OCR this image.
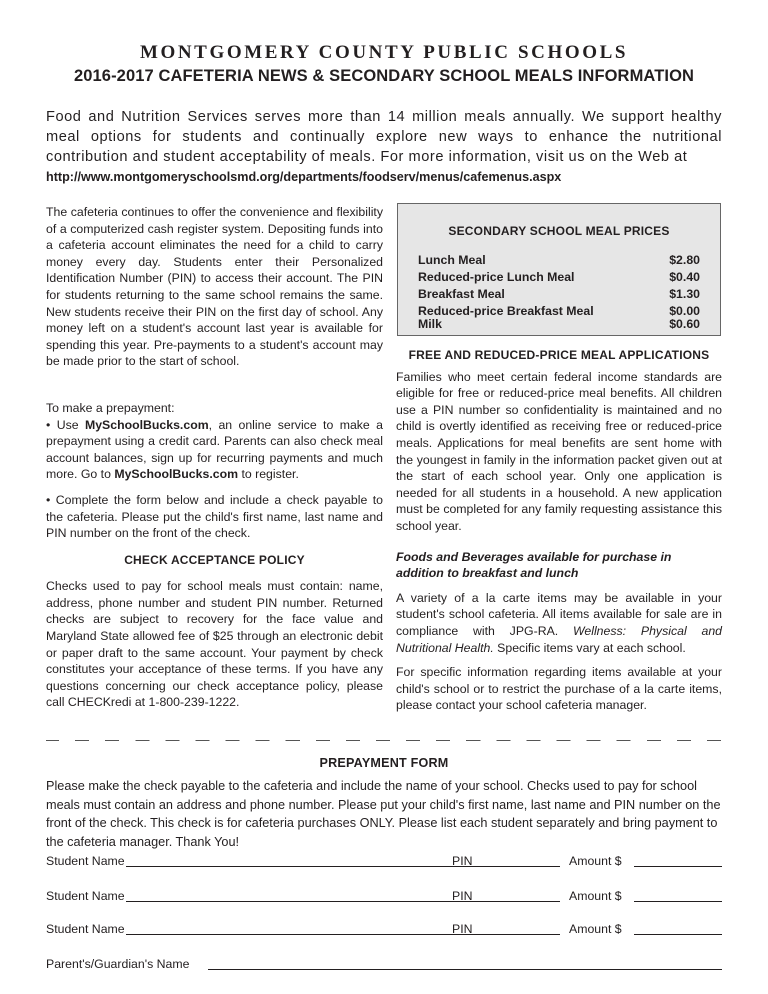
MONTGOMERY COUNTY PUBLIC SCHOOLS
2016-2017 CAFETERIA NEWS & SECONDARY SCHOOL MEALS INFORMATION
Food and Nutrition Services serves more than 14 million meals annually. We support healthy meal options for students and continually explore new ways to enhance the nutritional contribution and student acceptability of meals. For more information, visit us on the Web at
http://www.montgomeryschoolsmd.org/departments/foodserv/menus/cafemenus.aspx

The cafeteria continues to offer the convenience and flexibility of a computerized cash register system. Depositing funds into a cafeteria account eliminates the need for a child to carry money every day. Students enter their Personalized Identification Number (PIN) to access their account. The PIN for students returning to the same school remains the same. New students receive their PIN on the first day of school. Any money left on a student's account last year is available for spending this year. Pre-payments to a student's account may be made prior to the start of school.

To make a prepayment:

• Use MySchoolBucks.com, an online service to make a prepayment using a credit card. Parents can also check meal account balances, sign up for recurring payments and much more. Go to MySchoolBucks.com to register.

• Complete the form below and include a check payable to the cafeteria. Please put the child's first name, last name and PIN number on the front of the check.

CHECK ACCEPTANCE POLICY

Checks used to pay for school meals must contain: name, address, phone number and student PIN number. Returned checks are subject to recovery for the face value and Maryland State allowed fee of $25 through an electronic debit or paper draft to the same account. Your payment by check constitutes your acceptance of these terms. If you have any questions concerning our check acceptance policy, please call CHECKredi at 1-800-239-1222.

SECONDARY SCHOOL MEAL PRICES
Lunch Meal	$2.80
Reduced-price Lunch Meal	$0.40
Breakfast Meal	$1.30
Reduced-price Breakfast Meal	$0.00
Milk	$0.60

FREE AND REDUCED-PRICE MEAL APPLICATIONS

Families who meet certain federal income standards are eligible for free or reduced-price meal benefits. All children use a PIN number so confidentiality is maintained and no child is overtly identified as receiving free or reduced-price meals. Applications for meal benefits are sent home with the youngest in family in the information packet given out at the start of each school year. Only one application is needed for all students in a household. A new application must be completed for any family requesting assistance this school year.

Foods and Beverages available for purchase in addition to breakfast and lunch

A variety of a la carte items may be available in your student's school cafeteria. All items available for sale are in compliance with JPG-RA. Wellness: Physical and Nutritional Health. Specific items vary at each school.

For specific information regarding items available at your child's school or to restrict the purchase of a la carte items, please contact your school cafeteria manager.

PREPAYMENT FORM
Please make the check payable to the cafeteria and include the name of your school. Checks used to pay for school meals must contain an address and phone number. Please put your child's first name, last name and PIN number on the front of the check. This check is for cafeteria purchases ONLY. Please list each student separately and bring payment to the cafeteria manager. Thank You!
Student Name	PIN	Amount $
Student Name	PIN	Amount $
Student Name	PIN	Amount $
Parent's/Guardian's Name
